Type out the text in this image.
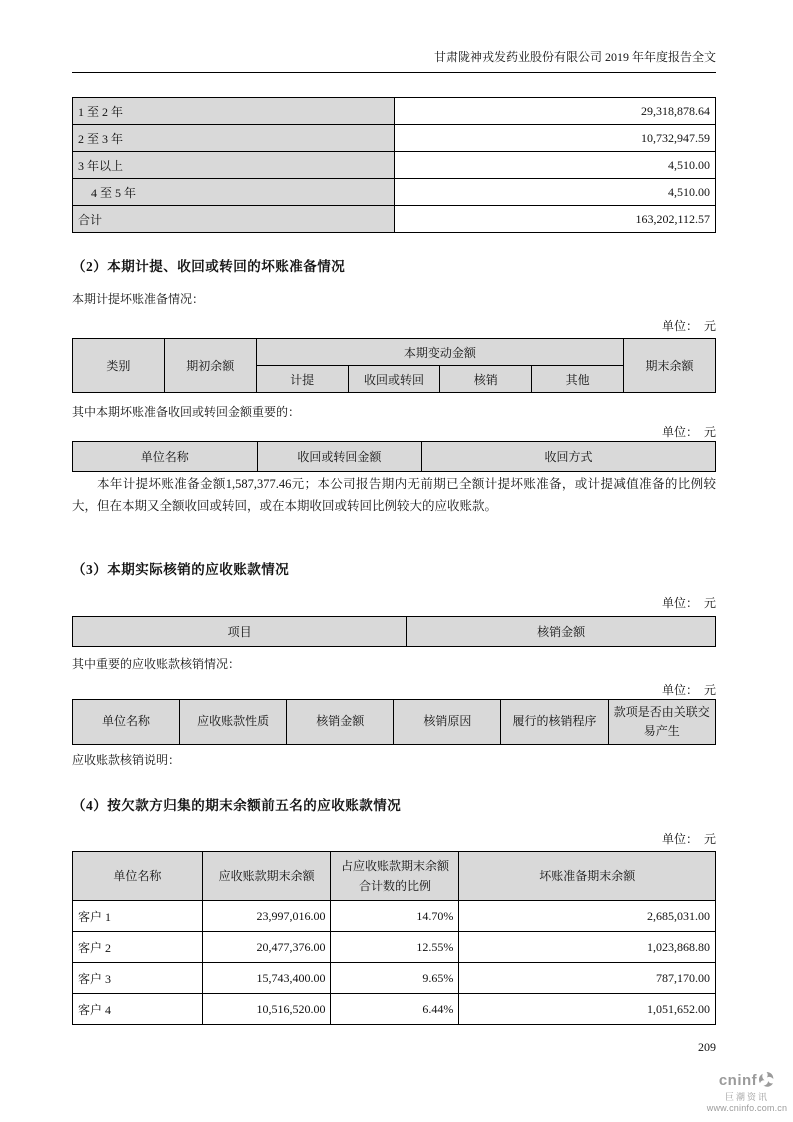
甘肃陇神戎发药业股份有限公司 2019 年年度报告全文
1 至 2 年	29,318,878.64
2 至 3 年	10,732,947.59
3 年以上	4,510.00
4 至 5 年	4,510.00
合计	163,202,112.57
（2）本期计提、收回或转回的坏账准备情况
本期计提坏账准备情况：
单位：　元
类别	期初余额	本期变动金额				期末余额
		计提	收回或转回	核销	其他	
其中本期坏账准备收回或转回金额重要的：
单位：　元
单位名称	收回或转回金额	收回方式
本年计提坏账准备金额1,587,377.46元；本公司报告期内无前期已全额计提坏账准备，或计提减值准备的比例较大，但在本期又全额收回或转回，或在本期收回或转回比例较大的应收账款。
（3）本期实际核销的应收账款情况
单位：　元
项目	核销金额
其中重要的应收账款核销情况：
单位：　元
单位名称	应收账款性质	核销金额	核销原因	履行的核销程序	款项是否由关联交易产生
应收账款核销说明：
（4）按欠款方归集的期末余额前五名的应收账款情况
单位：　元
单位名称	应收账款期末余额	占应收账款期末余额合计数的比例	坏账准备期末余额
客户 1	23,997,016.00	14.70%	2,685,031.00
客户 2	20,477,376.00	12.55%	1,023,868.80
客户 3	15,743,400.00	9.65%	787,170.00
客户 4	10,516,520.00	6.44%	1,051,652.00
209
cninf
巨潮资讯
www.cninfo.com.cn
